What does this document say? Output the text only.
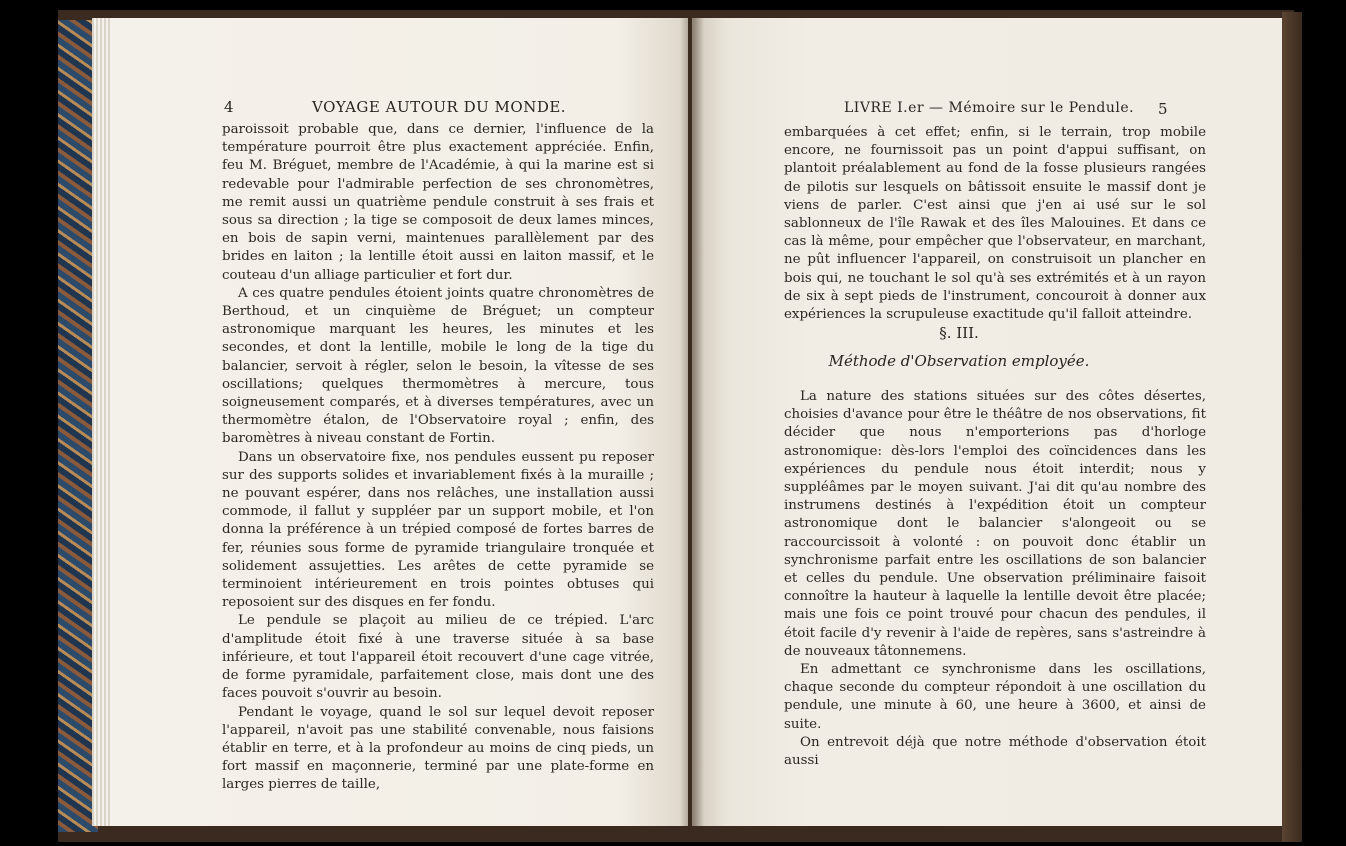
4	VOYAGE AUTOUR DU MONDE.

paroissoit probable que, dans ce dernier, l'influence de la température pourroit être plus exactement appréciée. Enfin, feu M. Bréguet, membre de l'Académie, à qui la marine est si redevable pour l'admirable perfection de ses chronomètres, me remit aussi un quatrième pendule construit à ses frais et sous sa direction ; la tige se composoit de deux lames minces, en bois de sapin verni, maintenues parallèlement par des brides en laiton ; la lentille étoit aussi en laiton massif, et le couteau d'un alliage particulier et fort dur.

A ces quatre pendules étoient joints quatre chronomètres de Berthoud, et un cinquième de Bréguet; un compteur astronomique marquant les heures, les minutes et les secondes, et dont la lentille, mobile le long de la tige du balancier, servoit à régler, selon le besoin, la vîtesse de ses oscillations; quelques thermomètres à mercure, tous soigneusement comparés, et à diverses températures, avec un thermomètre étalon, de l'Observatoire royal ; enfin, des baromètres à niveau constant de Fortin.

Dans un observatoire fixe, nos pendules eussent pu reposer sur des supports solides et invariablement fixés à la muraille ; ne pouvant espérer, dans nos relâches, une installation aussi commode, il fallut y suppléer par un support mobile, et l'on donna la préférence à un trépied composé de fortes barres de fer, réunies sous forme de pyramide triangulaire tronquée et solidement assujetties. Les arêtes de cette pyramide se terminoient intérieurement en trois pointes obtuses qui reposoient sur des disques en fer fondu.

Le pendule se plaçoit au milieu de ce trépied. L'arc d'amplitude étoit fixé à une traverse située à sa base inférieure, et tout l'appareil étoit recouvert d'une cage vitrée, de forme pyramidale, parfaitement close, mais dont une des faces pouvoit s'ouvrir au besoin.

Pendant le voyage, quand le sol sur lequel devoit reposer l'appareil, n'avoit pas une stabilité convenable, nous faisions établir en terre, et à la profondeur au moins de cinq pieds, un fort massif en maçonnerie, terminé par une plate-forme en larges pierres de taille,

LIVRE I.er — Mémoire sur le Pendule. 5

embarquées à cet effet; enfin, si le terrain, trop mobile encore, ne fournissoit pas un point d'appui suffisant, on plantoit préalablement au fond de la fosse plusieurs rangées de pilotis sur lesquels on bâtissoit ensuite le massif dont je viens de parler. C'est ainsi que j'en ai usé sur le sol sablonneux de l'île Rawak et des îles Malouines. Et dans ce cas là même, pour empêcher que l'observateur, en marchant, ne pût influencer l'appareil, on construisoit un plancher en bois qui, ne touchant le sol qu'à ses extrémités et à un rayon de six à sept pieds de l'instrument, concouroit à donner aux expériences la scrupuleuse exactitude qu'il falloit atteindre.

§. III.
Méthode d'Observation employée.

La nature des stations situées sur des côtes désertes, choisies d'avance pour être le théâtre de nos observations, fit décider que nous n'emporterions pas d'horloge astronomique: dès-lors l'emploi des coïncidences dans les expériences du pendule nous étoit interdit; nous y suppléâmes par le moyen suivant. J'ai dit qu'au nombre des instrumens destinés à l'expédition étoit un compteur astronomique dont le balancier s'alongeoit ou se raccourcissoit à volonté : on pouvoit donc établir un synchronisme parfait entre les oscillations de son balancier et celles du pendule. Une observation préliminaire faisoit connoître la hauteur à laquelle la lentille devoit être placée; mais une fois ce point trouvé pour chacun des pendules, il étoit facile d'y revenir à l'aide de repères, sans s'astreindre à de nouveaux tâtonnemens.

En admettant ce synchronisme dans les oscillations, chaque seconde du compteur répondoit à une oscillation du pendule, une minute à 60, une heure à 3600, et ainsi de suite.

On entrevoit déjà que notre méthode d'observation étoit aussi
